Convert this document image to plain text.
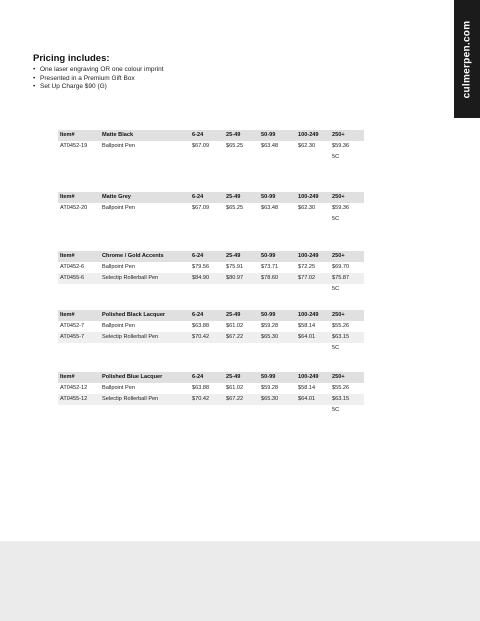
culmerpen.com
Pricing includes:
• One laser engraving OR one colour imprint
• Presented in a Premium Gift Box
• Set Up Charge $90 (G)
Item#	Matte Black	6-24	25-49	50-99	100-249	250+
AT0452-19	Ballpoint Pen	$67.09	$65.25	$63.48	$62.30	$59.36
						5C
Item#	Matte Grey	6-24	25-49	50-99	100-249	250+
AT0452-20	Ballpoint Pen	$67.09	$65.25	$63.48	$62.30	$59.36
						5C
Item#	Chrome / Gold Accents	6-24	25-49	50-99	100-249	250+
AT0452-6	Ballpoint Pen	$79.56	$75.91	$73.71	$72.25	$69.70
AT0455-6	Selectip Rollerball Pen	$84.90	$80.97	$78.60	$77.02	$75.87
						5C
Item#	Polished Black Lacquer	6-24	25-49	50-99	100-249	250+
AT0452-7	Ballpoint Pen	$63.88	$61.02	$59.28	$58.14	$55.26
AT0455-7	Selectip Rollerball Pen	$70.42	$67.22	$65.30	$64.01	$63.15
						5C
Item#	Polished Blue Lacquer	6-24	25-49	50-99	100-249	250+
AT0452-12	Ballpoint Pen	$63.88	$61.02	$59.28	$58.14	$55.26
AT0455-12	Selectip Rollerball Pen	$70.42	$67.22	$65.30	$64.01	$63.15
						5C
